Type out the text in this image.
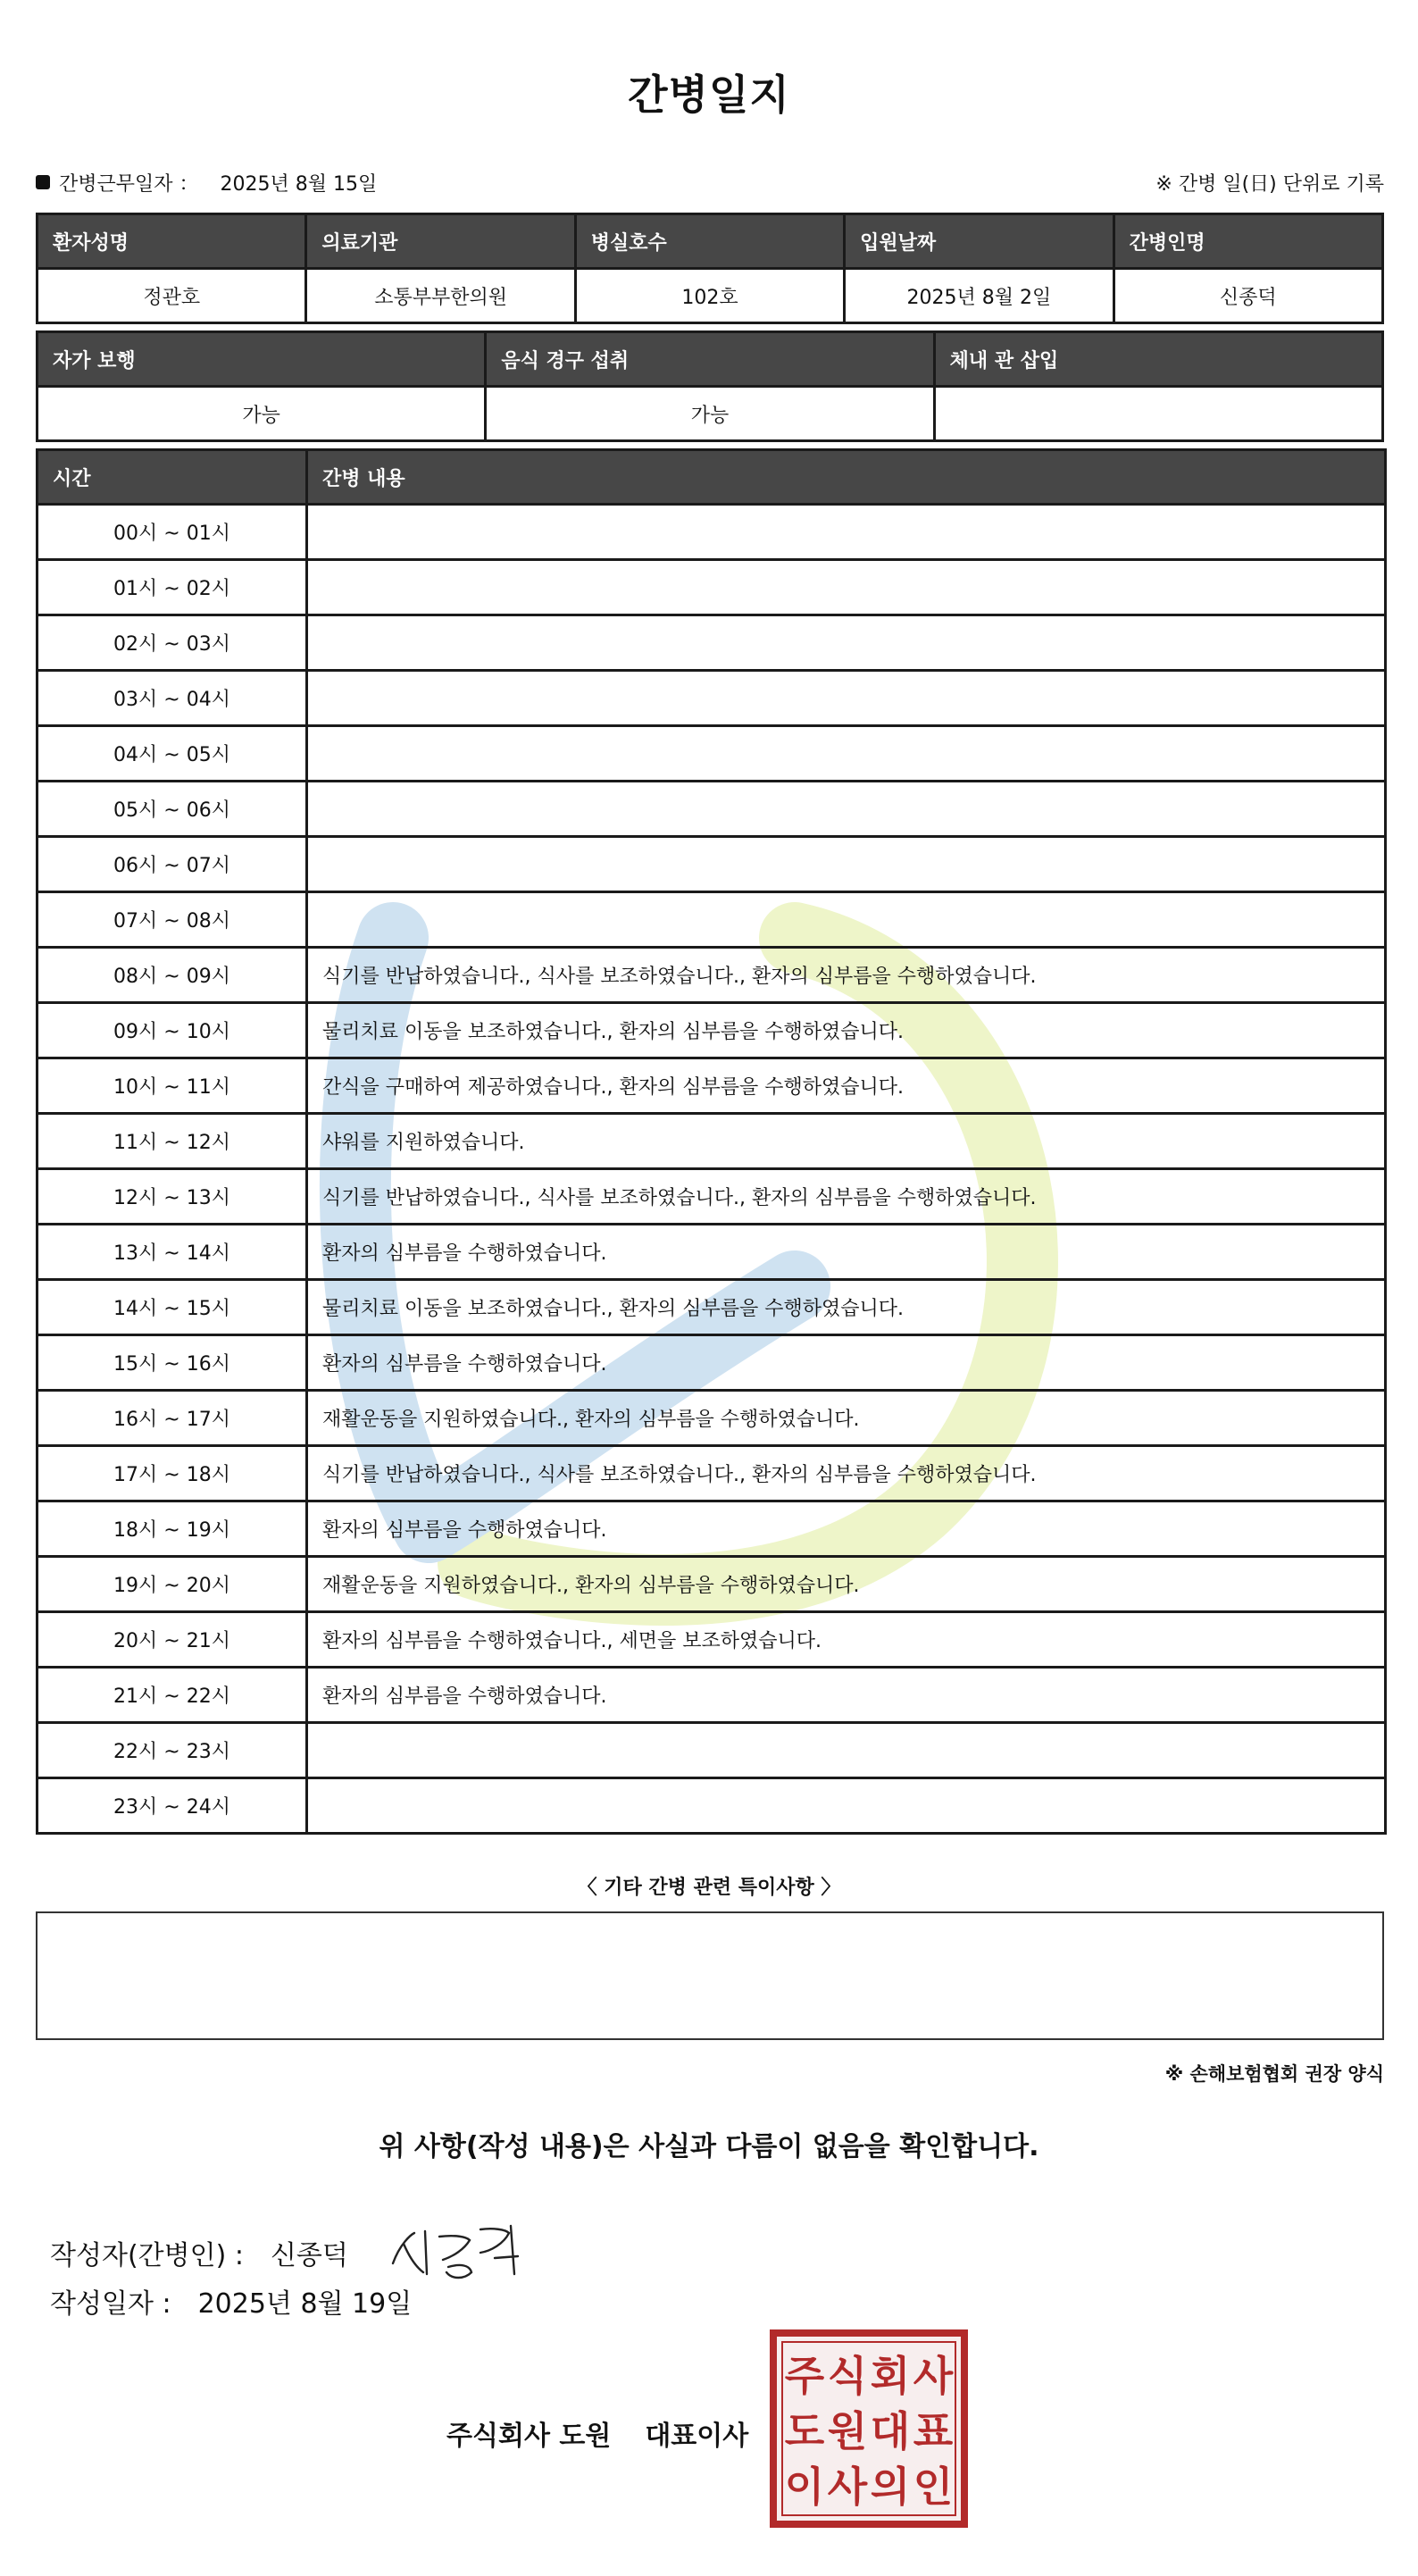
간병일지
간병근무일자 ： 2025년 8월 15일	※ 간병 일(日) 단위로 기록
환자성명	의료기관	병실호수	입원날짜	간병인명
정관호	소통부부한의원	102호	2025년 8월 2일	신종덕
자가 보행	음식 경구 섭취	체내 관 삽입
가능	가능	
시간	간병 내용
00시 ~ 01시	
01시 ~ 02시	
02시 ~ 03시	
03시 ~ 04시	
04시 ~ 05시	
05시 ~ 06시	
06시 ~ 07시	
07시 ~ 08시	
08시 ~ 09시	식기를 반납하였습니다., 식사를 보조하였습니다., 환자의 심부름을 수행하였습니다.
09시 ~ 10시	물리치료 이동을 보조하였습니다., 환자의 심부름을 수행하였습니다.
10시 ~ 11시	간식을 구매하여 제공하였습니다., 환자의 심부름을 수행하였습니다.
11시 ~ 12시	샤워를 지원하였습니다.
12시 ~ 13시	식기를 반납하였습니다., 식사를 보조하였습니다., 환자의 심부름을 수행하였습니다.
13시 ~ 14시	환자의 심부름을 수행하였습니다.
14시 ~ 15시	물리치료 이동을 보조하였습니다., 환자의 심부름을 수행하였습니다.
15시 ~ 16시	환자의 심부름을 수행하였습니다.
16시 ~ 17시	재활운동을 지원하였습니다., 환자의 심부름을 수행하였습니다.
17시 ~ 18시	식기를 반납하였습니다., 식사를 보조하였습니다., 환자의 심부름을 수행하였습니다.
18시 ~ 19시	환자의 심부름을 수행하였습니다.
19시 ~ 20시	재활운동을 지원하였습니다., 환자의 심부름을 수행하였습니다.
20시 ~ 21시	환자의 심부름을 수행하였습니다., 세면을 보조하였습니다.
21시 ~ 22시	환자의 심부름을 수행하였습니다.
22시 ~ 23시	
23시 ~ 24시	
〈 기타 간병 관련 특이사항 〉
※ 손해보험협회 권장 양식
위 사항(작성 내용)은 사실과 다름이 없음을 확인합니다.
작성자(간병인) : 신종덕
작성일자 : 2025년 8월 19일
주식회사 도원 대표이사
주 식 회 사
도 원 대 표
이 사 의 인
